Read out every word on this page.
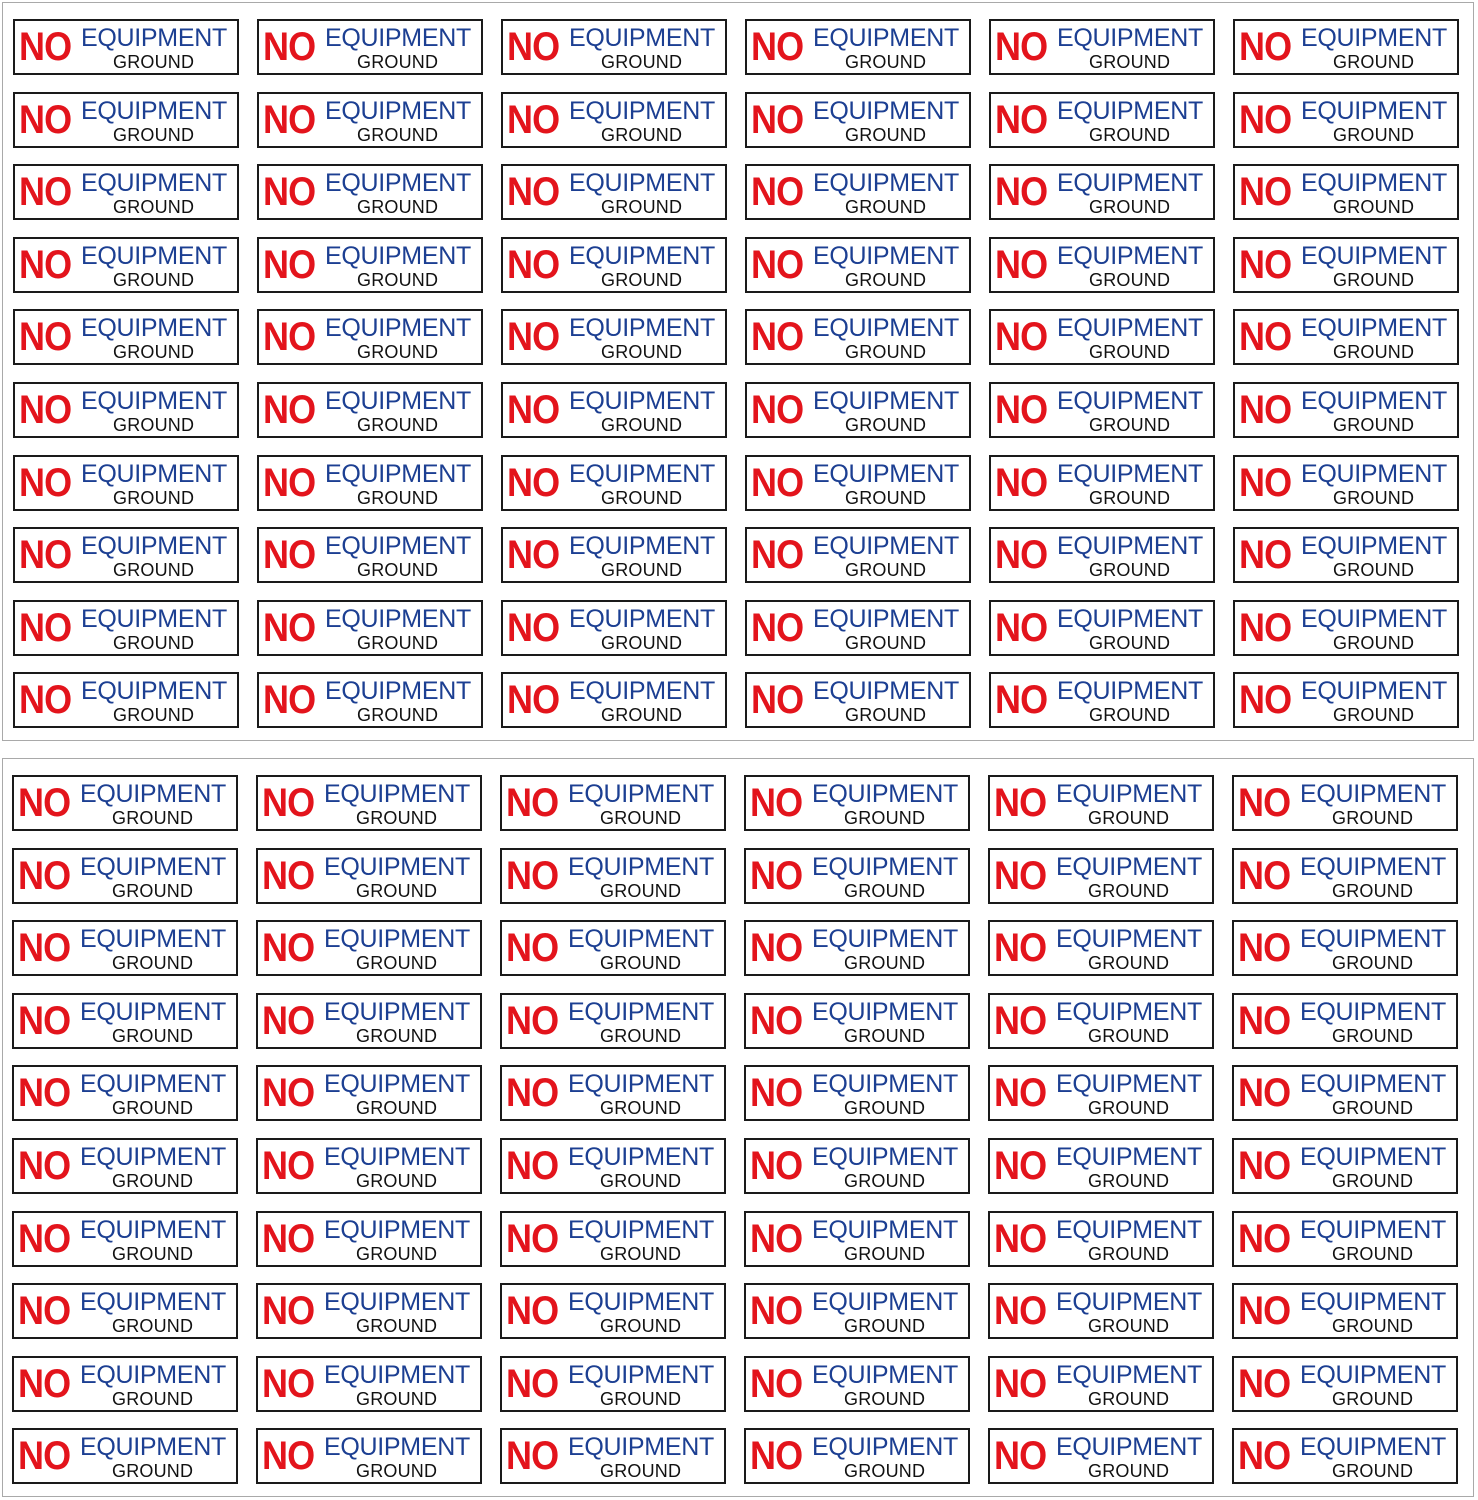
NO EQUIPMENT
GROUND NO EQUIPMENT
GROUND NO EQUIPMENT
GROUND NO EQUIPMENT
GROUND NO EQUIPMENT
GROUND NO EQUIPMENT
GROUND
NO EQUIPMENT
GROUND NO EQUIPMENT
GROUND NO EQUIPMENT
GROUND NO EQUIPMENT
GROUND NO EQUIPMENT
GROUND NO EQUIPMENT
GROUND
NO EQUIPMENT
GROUND NO EQUIPMENT
GROUND NO EQUIPMENT
GROUND NO EQUIPMENT
GROUND NO EQUIPMENT
GROUND NO EQUIPMENT
GROUND
NO EQUIPMENT
GROUND NO EQUIPMENT
GROUND NO EQUIPMENT
GROUND NO EQUIPMENT
GROUND NO EQUIPMENT
GROUND NO EQUIPMENT
GROUND
NO EQUIPMENT
GROUND NO EQUIPMENT
GROUND NO EQUIPMENT
GROUND NO EQUIPMENT
GROUND NO EQUIPMENT
GROUND NO EQUIPMENT
GROUND
NO EQUIPMENT
GROUND NO EQUIPMENT
GROUND NO EQUIPMENT
GROUND NO EQUIPMENT
GROUND NO EQUIPMENT
GROUND NO EQUIPMENT
GROUND
NO EQUIPMENT
GROUND NO EQUIPMENT
GROUND NO EQUIPMENT
GROUND NO EQUIPMENT
GROUND NO EQUIPMENT
GROUND NO EQUIPMENT
GROUND
NO EQUIPMENT
GROUND NO EQUIPMENT
GROUND NO EQUIPMENT
GROUND NO EQUIPMENT
GROUND NO EQUIPMENT
GROUND NO EQUIPMENT
GROUND
NO EQUIPMENT
GROUND NO EQUIPMENT
GROUND NO EQUIPMENT
GROUND NO EQUIPMENT
GROUND NO EQUIPMENT
GROUND NO EQUIPMENT
GROUND
NO EQUIPMENT
GROUND NO EQUIPMENT
GROUND NO EQUIPMENT
GROUND NO EQUIPMENT
GROUND NO EQUIPMENT
GROUND NO EQUIPMENT
GROUND
NO EQUIPMENT
GROUND NO EQUIPMENT
GROUND NO EQUIPMENT
GROUND NO EQUIPMENT
GROUND NO EQUIPMENT
GROUND NO EQUIPMENT
GROUND
NO EQUIPMENT
GROUND NO EQUIPMENT
GROUND NO EQUIPMENT
GROUND NO EQUIPMENT
GROUND NO EQUIPMENT
GROUND NO EQUIPMENT
GROUND
NO EQUIPMENT
GROUND NO EQUIPMENT
GROUND NO EQUIPMENT
GROUND NO EQUIPMENT
GROUND NO EQUIPMENT
GROUND NO EQUIPMENT
GROUND
NO EQUIPMENT
GROUND NO EQUIPMENT
GROUND NO EQUIPMENT
GROUND NO EQUIPMENT
GROUND NO EQUIPMENT
GROUND NO EQUIPMENT
GROUND
NO EQUIPMENT
GROUND NO EQUIPMENT
GROUND NO EQUIPMENT
GROUND NO EQUIPMENT
GROUND NO EQUIPMENT
GROUND NO EQUIPMENT
GROUND
NO EQUIPMENT
GROUND NO EQUIPMENT
GROUND NO EQUIPMENT
GROUND NO EQUIPMENT
GROUND NO EQUIPMENT
GROUND NO EQUIPMENT
GROUND
NO EQUIPMENT
GROUND NO EQUIPMENT
GROUND NO EQUIPMENT
GROUND NO EQUIPMENT
GROUND NO EQUIPMENT
GROUND NO EQUIPMENT
GROUND
NO EQUIPMENT
GROUND NO EQUIPMENT
GROUND NO EQUIPMENT
GROUND NO EQUIPMENT
GROUND NO EQUIPMENT
GROUND NO EQUIPMENT
GROUND
NO EQUIPMENT
GROUND NO EQUIPMENT
GROUND NO EQUIPMENT
GROUND NO EQUIPMENT
GROUND NO EQUIPMENT
GROUND NO EQUIPMENT
GROUND
NO EQUIPMENT
GROUND NO EQUIPMENT
GROUND NO EQUIPMENT
GROUND NO EQUIPMENT
GROUND NO EQUIPMENT
GROUND NO EQUIPMENT
GROUND
